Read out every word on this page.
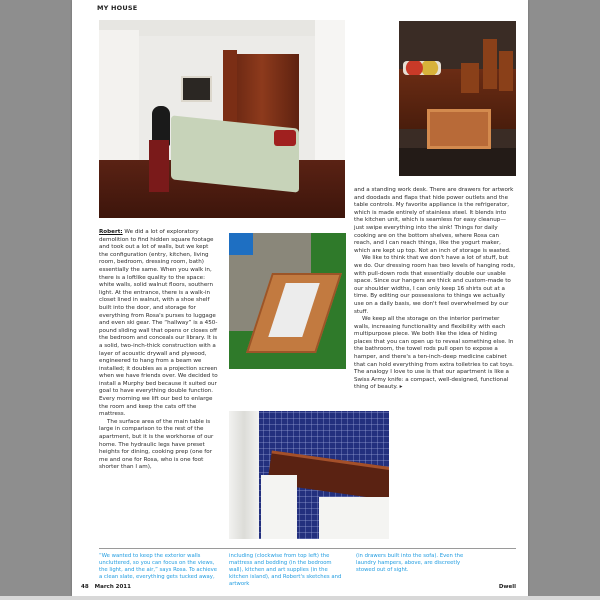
MY HOUSE

Robert: We did a lot of exploratory demolition to find hidden square footage and took out a lot of walls, but we kept the configuration (entry, kitchen, living room, bedroom, dressing room, bath) essentially the same. When you walk in, there is a loftlike quality to the space: white walls, solid walnut floors, southern light. At the entrance, there is a walk-in closet lined in walnut, with a shoe shelf built into the door, and storage for everything from Rosa's purses to luggage and even ski gear. The “hallway” is a 450-pound sliding wall that opens or closes off the bedroom and conceals our library. It is a solid, two-inch-thick construction with a layer of acoustic drywall and plywood, engineered to hang from a beam we installed; it doubles as a projection screen when we have friends over. We decided to install a Murphy bed because it suited our goal to have everything double function. Every morning we lift our bed to enlarge the room and keep the cats off the mattress.

The surface area of the main table is large in comparison to the rest of the apartment, but it is the workhorse of our home. The hydraulic legs have preset heights for dining, cooking prep (one for me and one for Rosa, who is one foot shorter than I am),

and a standing work desk. There are drawers for artwork and doodads and flaps that hide power outlets and the table controls. My favorite appliance is the refrigerator, which is made entirely of stainless steel. It blends into the kitchen unit, which is seamless for easy cleanup—just swipe everything into the sink! Things for daily cooking are on the bottom shelves, where Rosa can reach, and I can reach things, like the yogurt maker, which are kept up top. Not an inch of storage is wasted.

We like to think that we don't have a lot of stuff, but we do. Our dressing room has two levels of hanging rods, with pull-down rods that essentially double our usable space. Since our hangers are thick and custom-made to our shoulder widths, I can only keep 16 shirts out at a time. By editing our possessions to things we actually use on a daily basis, we don't feel overwhelmed by our stuff.

We keep all the storage on the interior perimeter walls, increasing functionality and flexibility with each multipurpose piece. We both like the idea of hiding places that you can open up to reveal something else. In the bathroom, the towel rods pull open to expose a hamper, and there's a ten-inch-deep medicine cabinet that can hold everything from extra toiletries to cat toys. The analogy I love to use is that our apartment is like a Swiss Army knife: a compact, well-designed, functional thing of beauty. ▸

“We wanted to keep the exterior walls uncluttered, so you can focus on the views, the light, and the air,” says Rosa. To achieve a clean slate, everything gets tucked away,
including (clockwise from top left) the mattress and bedding (in the bedroom wall), kitchen and art supplies (in the kitchen island), and Robert's sketches and artwork
(in drawers built into the sofa). Even the laundry hampers, above, are discreetly stowed out of sight.
48 March 2011	Dwell
